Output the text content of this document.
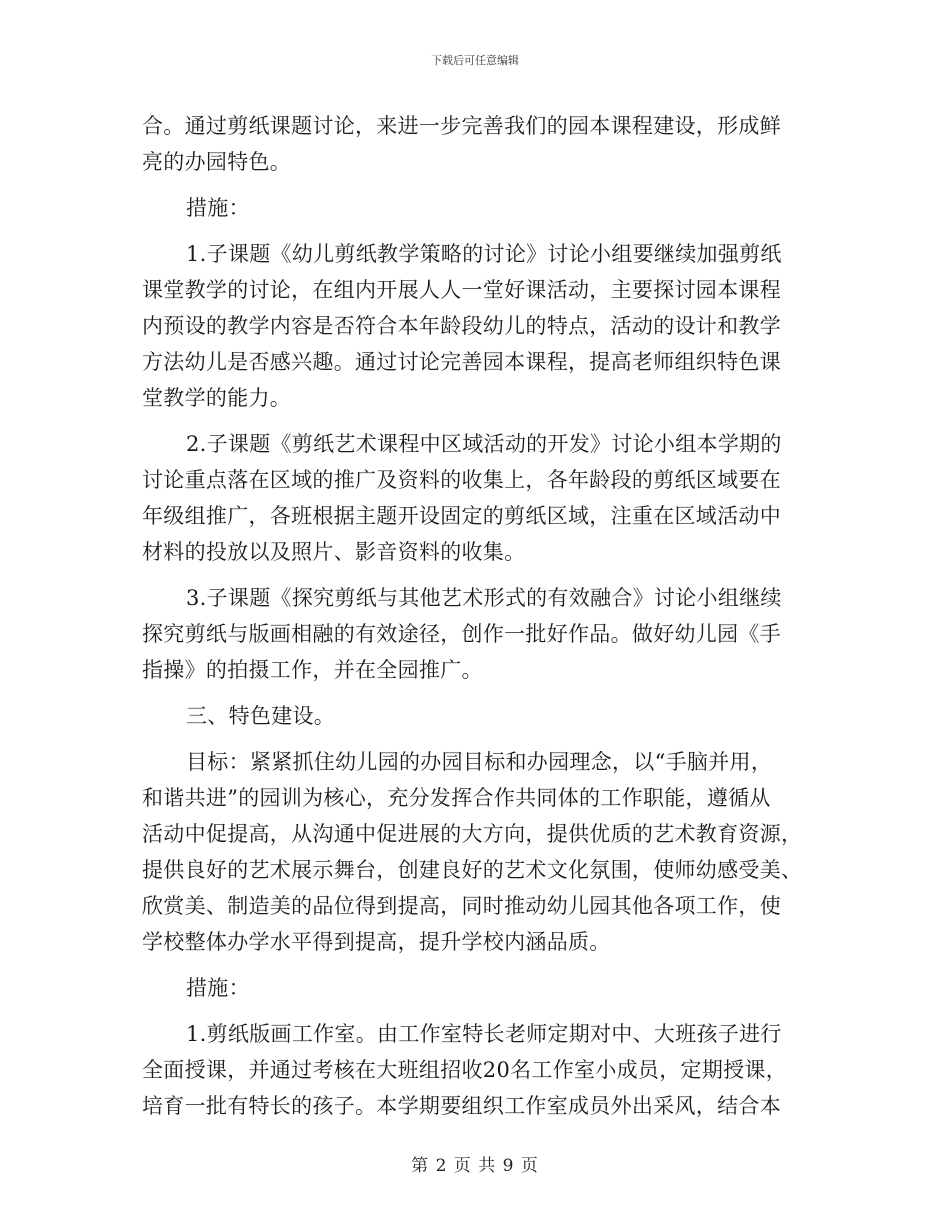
下载后可任意编辑
合。通过剪纸课题讨论，来进一步完善我们的园本课程建设，形成鲜
亮的办园特色。
措施：
1.子课题《幼儿剪纸教学策略的讨论》讨论小组要继续加强剪纸
课堂教学的讨论，在组内开展人人一堂好课活动，主要探讨园本课程
内预设的教学内容是否符合本年龄段幼儿的特点，活动的设计和教学
方法幼儿是否感兴趣。通过讨论完善园本课程，提高老师组织特色课
堂教学的能力。
2.子课题《剪纸艺术课程中区域活动的开发》讨论小组本学期的
讨论重点落在区域的推广及资料的收集上，各年龄段的剪纸区域要在
年级组推广，各班根据主题开设固定的剪纸区域，注重在区域活动中
材料的投放以及照片、影音资料的收集。
3.子课题《探究剪纸与其他艺术形式的有效融合》讨论小组继续
探究剪纸与版画相融的有效途径，创作一批好作品。做好幼儿园《手
指操》的拍摄工作，并在全园推广。
三、特色建设。
目标：紧紧抓住幼儿园的办园目标和办园理念，以“手脑并用，
和谐共进”的园训为核心，充分发挥合作共同体的工作职能，遵循从
活动中促提高，从沟通中促进展的大方向，提供优质的艺术教育资源，
提供良好的艺术展示舞台，创建良好的艺术文化氛围，使师幼感受美、
欣赏美、制造美的品位得到提高，同时推动幼儿园其他各项工作，使
学校整体办学水平得到提高，提升学校内涵品质。
措施：
1.剪纸版画工作室。由工作室特长老师定期对中、大班孩子进行
全面授课，并通过考核在大班组招收20名工作室小成员，定期授课，
培育一批有特长的孩子。本学期要组织工作室成员外出采风，结合本
第 2 页 共 9 页
